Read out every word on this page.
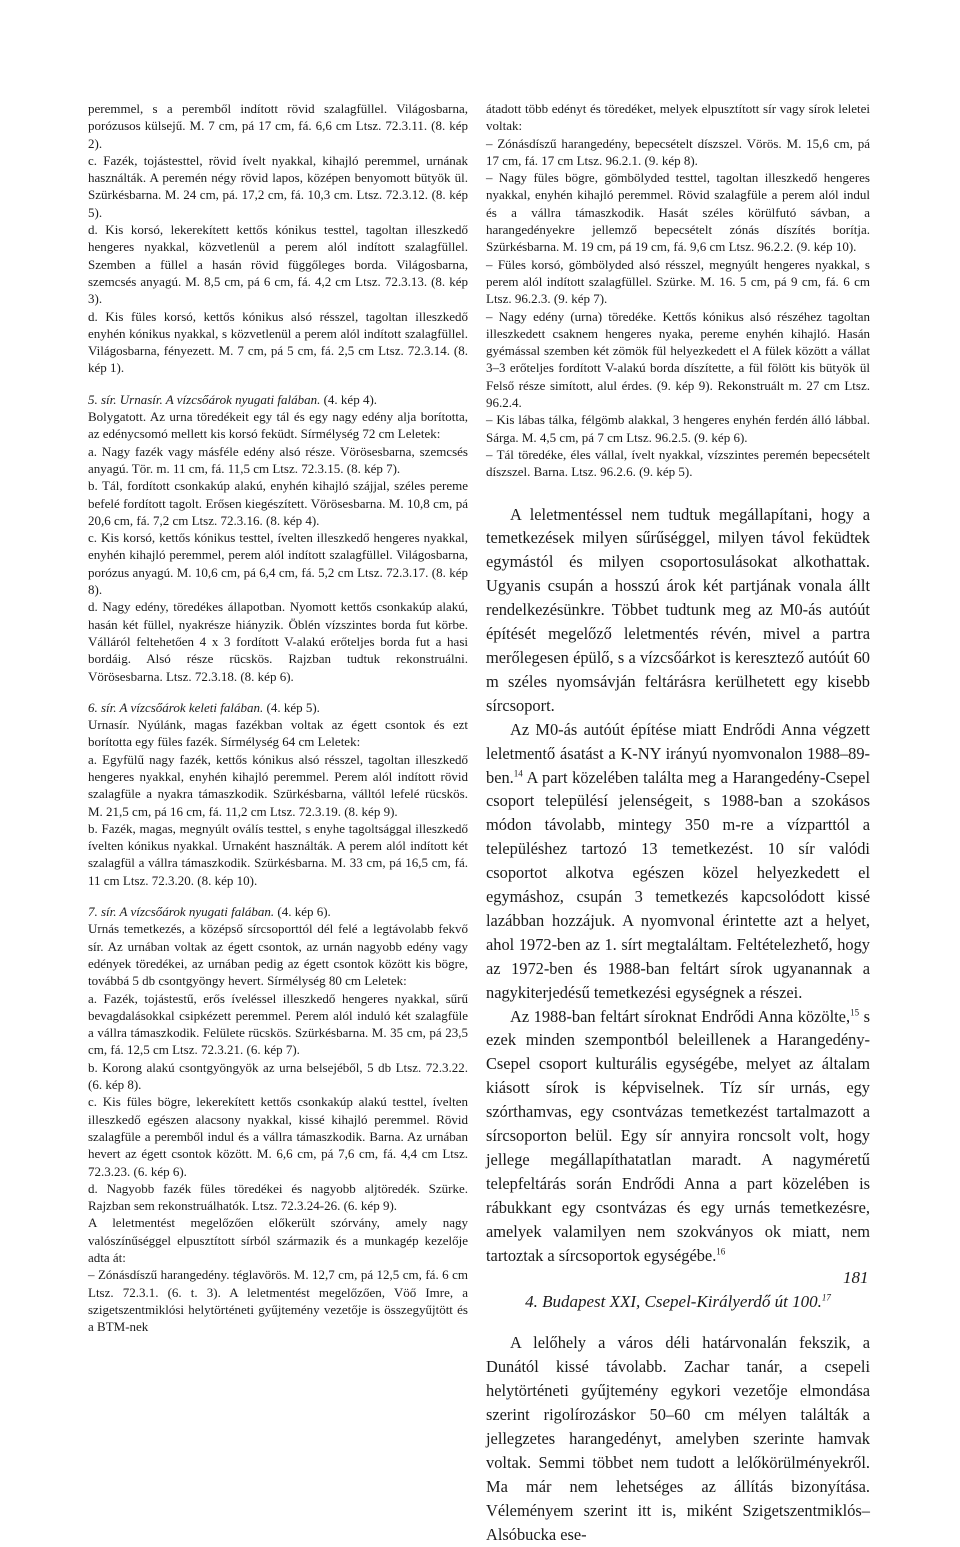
peremmel, s a peremből indított rövid szalagfüllel. Világosbarna, porózusos külsejű. M. 7 cm, pá 17 cm, fá. 6,6 cm Ltsz. 72.3.11. (8. kép 2).

c. Fazék, tojástesttel, rövid ívelt nyakkal, kihajló peremmel, urnának használták. A peremén négy rövid lapos, középen benyomott bütyök ül. Szürkésbarna. M. 24 cm, pá. 17,2 cm, fá. 10,3 cm. Ltsz. 72.3.12. (8. kép 5).

d. Kis korsó, lekerekített kettős kónikus testtel, tagoltan illeszkedő hengeres nyakkal, közvetlenül a perem alól indított szalagfüllel. Szemben a füllel a hasán rövid függőleges borda. Világosbarna, szemcsés anyagú. M. 8,5 cm, pá 6 cm, fá. 4,2 cm Ltsz. 72.3.13. (8. kép 3).

d. Kis füles korsó, kettős kónikus alsó résszel, tagoltan illeszkedő enyhén kónikus nyakkal, s közvetlenül a perem alól indított szalagfüllel. Világosbarna, fényezett. M. 7 cm, pá 5 cm, fá. 2,5 cm Ltsz. 72.3.14. (8. kép 1).

5. sír. Urnasír. A vízcsőárok nyugati falában. (4. kép 4).

Bolygatott. Az urna töredékeit egy tál és egy nagy edény alja borította, az edénycsomó mellett kis korsó feküdt. Sírmélység 72 cm Leletek:

a. Nagy fazék vagy másféle edény alsó része. Vörösesbarna, szemcsés anyagú. Tör. m. 11 cm, fá. 11,5 cm Ltsz. 72.3.15. (8. kép 7).

b. Tál, fordított csonkakúp alakú, enyhén kihajló szájjal, széles pereme befelé fordított tagolt. Erősen kiegészített. Vörösesbarna. M. 10,8 cm, pá 20,6 cm, fá. 7,2 cm Ltsz. 72.3.16. (8. kép 4).

c. Kis korsó, kettős kónikus testtel, ívelten illeszkedő hengeres nyakkal, enyhén kihajló peremmel, perem alól indított szalagfüllel. Világosbarna, porózus anyagú. M. 10,6 cm, pá 6,4 cm, fá. 5,2 cm Ltsz. 72.3.17. (8. kép 8).

d. Nagy edény, töredékes állapotban. Nyomott kettős csonkakúp alakú, hasán két füllel, nyakrésze hiányzik. Öblén vízszintes borda fut körbe. Válláról feltehetően 4 x 3 fordított V-alakú erőteljes borda fut a hasi bordáig. Alsó része rücskös. Rajzban tudtuk rekonstruálni. Vörösesbarna. Ltsz. 72.3.18. (8. kép 6).

6. sír. A vízcsőárok keleti falában. (4. kép 5).

Urnasír. Nyúlánk, magas fazékban voltak az égett csontok és ezt borította egy füles fazék. Sírmélység 64 cm Leletek:

a. Egyfülű nagy fazék, kettős kónikus alsó résszel, tagoltan illeszkedő hengeres nyakkal, enyhén kihajló peremmel. Perem alól indított rövid szalagfüle a nyakra támaszkodik. Szürkésbarna, válltól lefelé rücskös. M. 21,5 cm, pá 16 cm, fá. 11,2 cm Ltsz. 72.3.19. (8. kép 9).

b. Fazék, magas, megnyúlt oválís testtel, s enyhe tagoltsággal illeszkedő ívelten kónikus nyakkal. Urnaként használták. A perem alól indított két szalagfül a vállra támaszkodik. Szürkésbarna. M. 33 cm, pá 16,5 cm, fá. 11 cm Ltsz. 72.3.20. (8. kép 10).

7. sír. A vízcsőárok nyugati falában. (4. kép 6).

Urnás temetkezés, a középső sírcsoporttól dél felé a legtávolabb fekvő sír. Az urnában voltak az égett csontok, az urnán nagyobb edény vagy edények töredékei, az urnában pedig az égett csontok között kis bögre, továbbá 5 db csontgyöngy hevert. Sírmélység 80 cm Leletek:

a. Fazék, tojástestű, erős íveléssel illeszkedő hengeres nyakkal, sűrű bevagdalásokkal csipkézett peremmel. Perem alól induló két szalagfüle a vállra támaszkodik. Felülete rücskös. Szürkésbarna. M. 35 cm, pá 23,5 cm, fá. 12,5 cm Ltsz. 72.3.21. (6. kép 7).

b. Korong alakú csontgyöngyök az urna belsejéből, 5 db Ltsz. 72.3.22. (6. kép 8).

c. Kis füles bögre, lekerekített kettős csonkakúp alakú testtel, ívelten illeszkedő egészen alacsony nyakkal, kissé kihajló peremmel. Rövid szalagfüle a peremből indul és a vállra támaszkodik. Barna. Az urnában hevert az égett csontok között. M. 6,6 cm, pá 7,6 cm, fá. 4,4 cm Ltsz. 72.3.23. (6. kép 6).

d. Nagyobb fazék füles töredékei és nagyobb aljtöredék. Szürke. Rajzban sem rekonstruálhatók. Ltsz. 72.3.24-26. (6. kép 9).

A leletmentést megelőzően előkerült szórvány, amely nagy valószínűséggel elpusztított sírból származik és a munkagép kezelője adta át:

– Zónásdíszű harangedény. téglavörös. M. 12,7 cm, pá 12,5 cm, fá. 6 cm Ltsz. 72.3.1. (6. t. 3). A leletmentést megelőzően, Vöő Imre, a szigetszentmiklósi helytörténeti gyűjtemény vezetője is összegyűjtött és a BTM-nek

átadott több edényt és töredéket, melyek elpusztított sír vagy sírok leletei voltak:

– Zónásdíszű harangedény, bepecsételt díszszel. Vörös. M. 15,6 cm, pá 17 cm, fá. 17 cm Ltsz. 96.2.1. (9. kép 8).

– Nagy füles bögre, gömbölyded testtel, tagoltan illeszkedő hengeres nyakkal, enyhén kihajló peremmel. Rövid szalagfüle a perem alól indul és a vállra támaszkodik. Hasát széles körülfutó sávban, a harangedényekre jellemző bepecsételt zónás díszítés borítja. Szürkésbarna. M. 19 cm, pá 19 cm, fá. 9,6 cm Ltsz. 96.2.2. (9. kép 10).

– Füles korsó, gömbölyded alsó résszel, megnyúlt hengeres nyakkal, s perem alól indított szalagfüllel. Szürke. M. 16. 5 cm, pá 9 cm, fá. 6 cm Ltsz. 96.2.3. (9. kép 7).

– Nagy edény (urna) töredéke. Kettős kónikus alsó részéhez tagoltan illeszkedett csaknem hengeres nyaka, pereme enyhén kihajló. Hasán gyémással szemben két zömök fül helyezkedett el A fülek között a vállat 3–3 erőteljes fordított V-alakú borda díszítette, a fül fölött kis bütyök ül Felső része simított, alul érdes. (9. kép 9). Rekonstruált m. 27 cm Ltsz. 96.2.4.

– Kis lábas tálka, félgömb alakkal, 3 hengeres enyhén ferdén álló lábbal. Sárga. M. 4,5 cm, pá 7 cm Ltsz. 96.2.5. (9. kép 6).

– Tál töredéke, éles vállal, ívelt nyakkal, vízszintes peremén bepecsételt díszszel. Barna. Ltsz. 96.2.6. (9. kép 5).

A leletmentéssel nem tudtuk megállapítani, hogy a temetkezések milyen sűrűséggel, milyen távol feküdtek egymástól és milyen csoportosulásokat alkothattak. Ugyanis csupán a hosszú árok két partjának vonala állt rendelkezésünkre. Többet tudtunk meg az M0-ás autóút építését megelőző leletmentés révén, mivel a partra merőlegesen épülő, s a vízcsőárkot is keresztező autóút 60 m széles nyomsávján feltárásra kerülhetett egy kisebb sírcsoport.

Az M0-ás autóút építése miatt Endrődi Anna végzett leletmentő ásatást a K-NY irányú nyomvonalon 1988–89-ben.$^{14}$ A part közelében találta meg a Harangedény-Csepel csoport településí jelenségeit, s 1988-ban a szokásos módon távolabb, mintegy 350 m-re a vízparttól a településhez tartozó 13 temetkezést. 10 sír valódi csoportot alkotva egészen közel helyezkedett el egymáshoz, csupán 3 temetkezés kapcsolódott kissé lazábban hozzájuk. A nyomvonal érintette azt a helyet, ahol 1972-ben az 1. sírt megtaláltam. Feltételezhető, hogy az 1972-ben és 1988-ban feltárt sírok ugyanannak a nagykiterjedésű temetkezési egységnek a részei.

Az 1988-ban feltárt síroknat Endrődi Anna közölte,$^{15}$ s ezek minden szempontból beleillenek a Harangedény-Csepel csoport kulturális egységébe, melyet az általam kiásott sírok is képviselnek. Tíz sír urnás, egy szórthamvas, egy csontvázas temetkezést tartalmazott a sírcsoporton belül. Egy sír annyira roncsolt volt, hogy jellege megállapíthatatlan maradt. A nagyméretű telepfeltárás során Endrődi Anna a part közelében is rábukkant egy csontvázas és egy urnás temetkezésre, amelyek valamilyen nem szokványos ok miatt, nem tartoztak a sírcsoportok egységébe.$^{16}$

4. Budapest XXI, Csepel-Királyerdő út 100.17

A lelőhely a város déli határvonalán fekszik, a Dunától kissé távolabb. Zachar tanár, a csepeli helytörténeti gyűjtemény egykori vezetője elmondása szerint rigolírozáskor 50–60 cm mélyen találták a jellegzetes harangedényt, amelyben szerinte hamvak voltak. Semmi többet nem tudott a lelőkörülményekről. Ma már nem lehetséges az állítás bizonyítása. Véleményem szerint itt is, miként Szigetszentmiklós–Alsóbucka ese-

181
